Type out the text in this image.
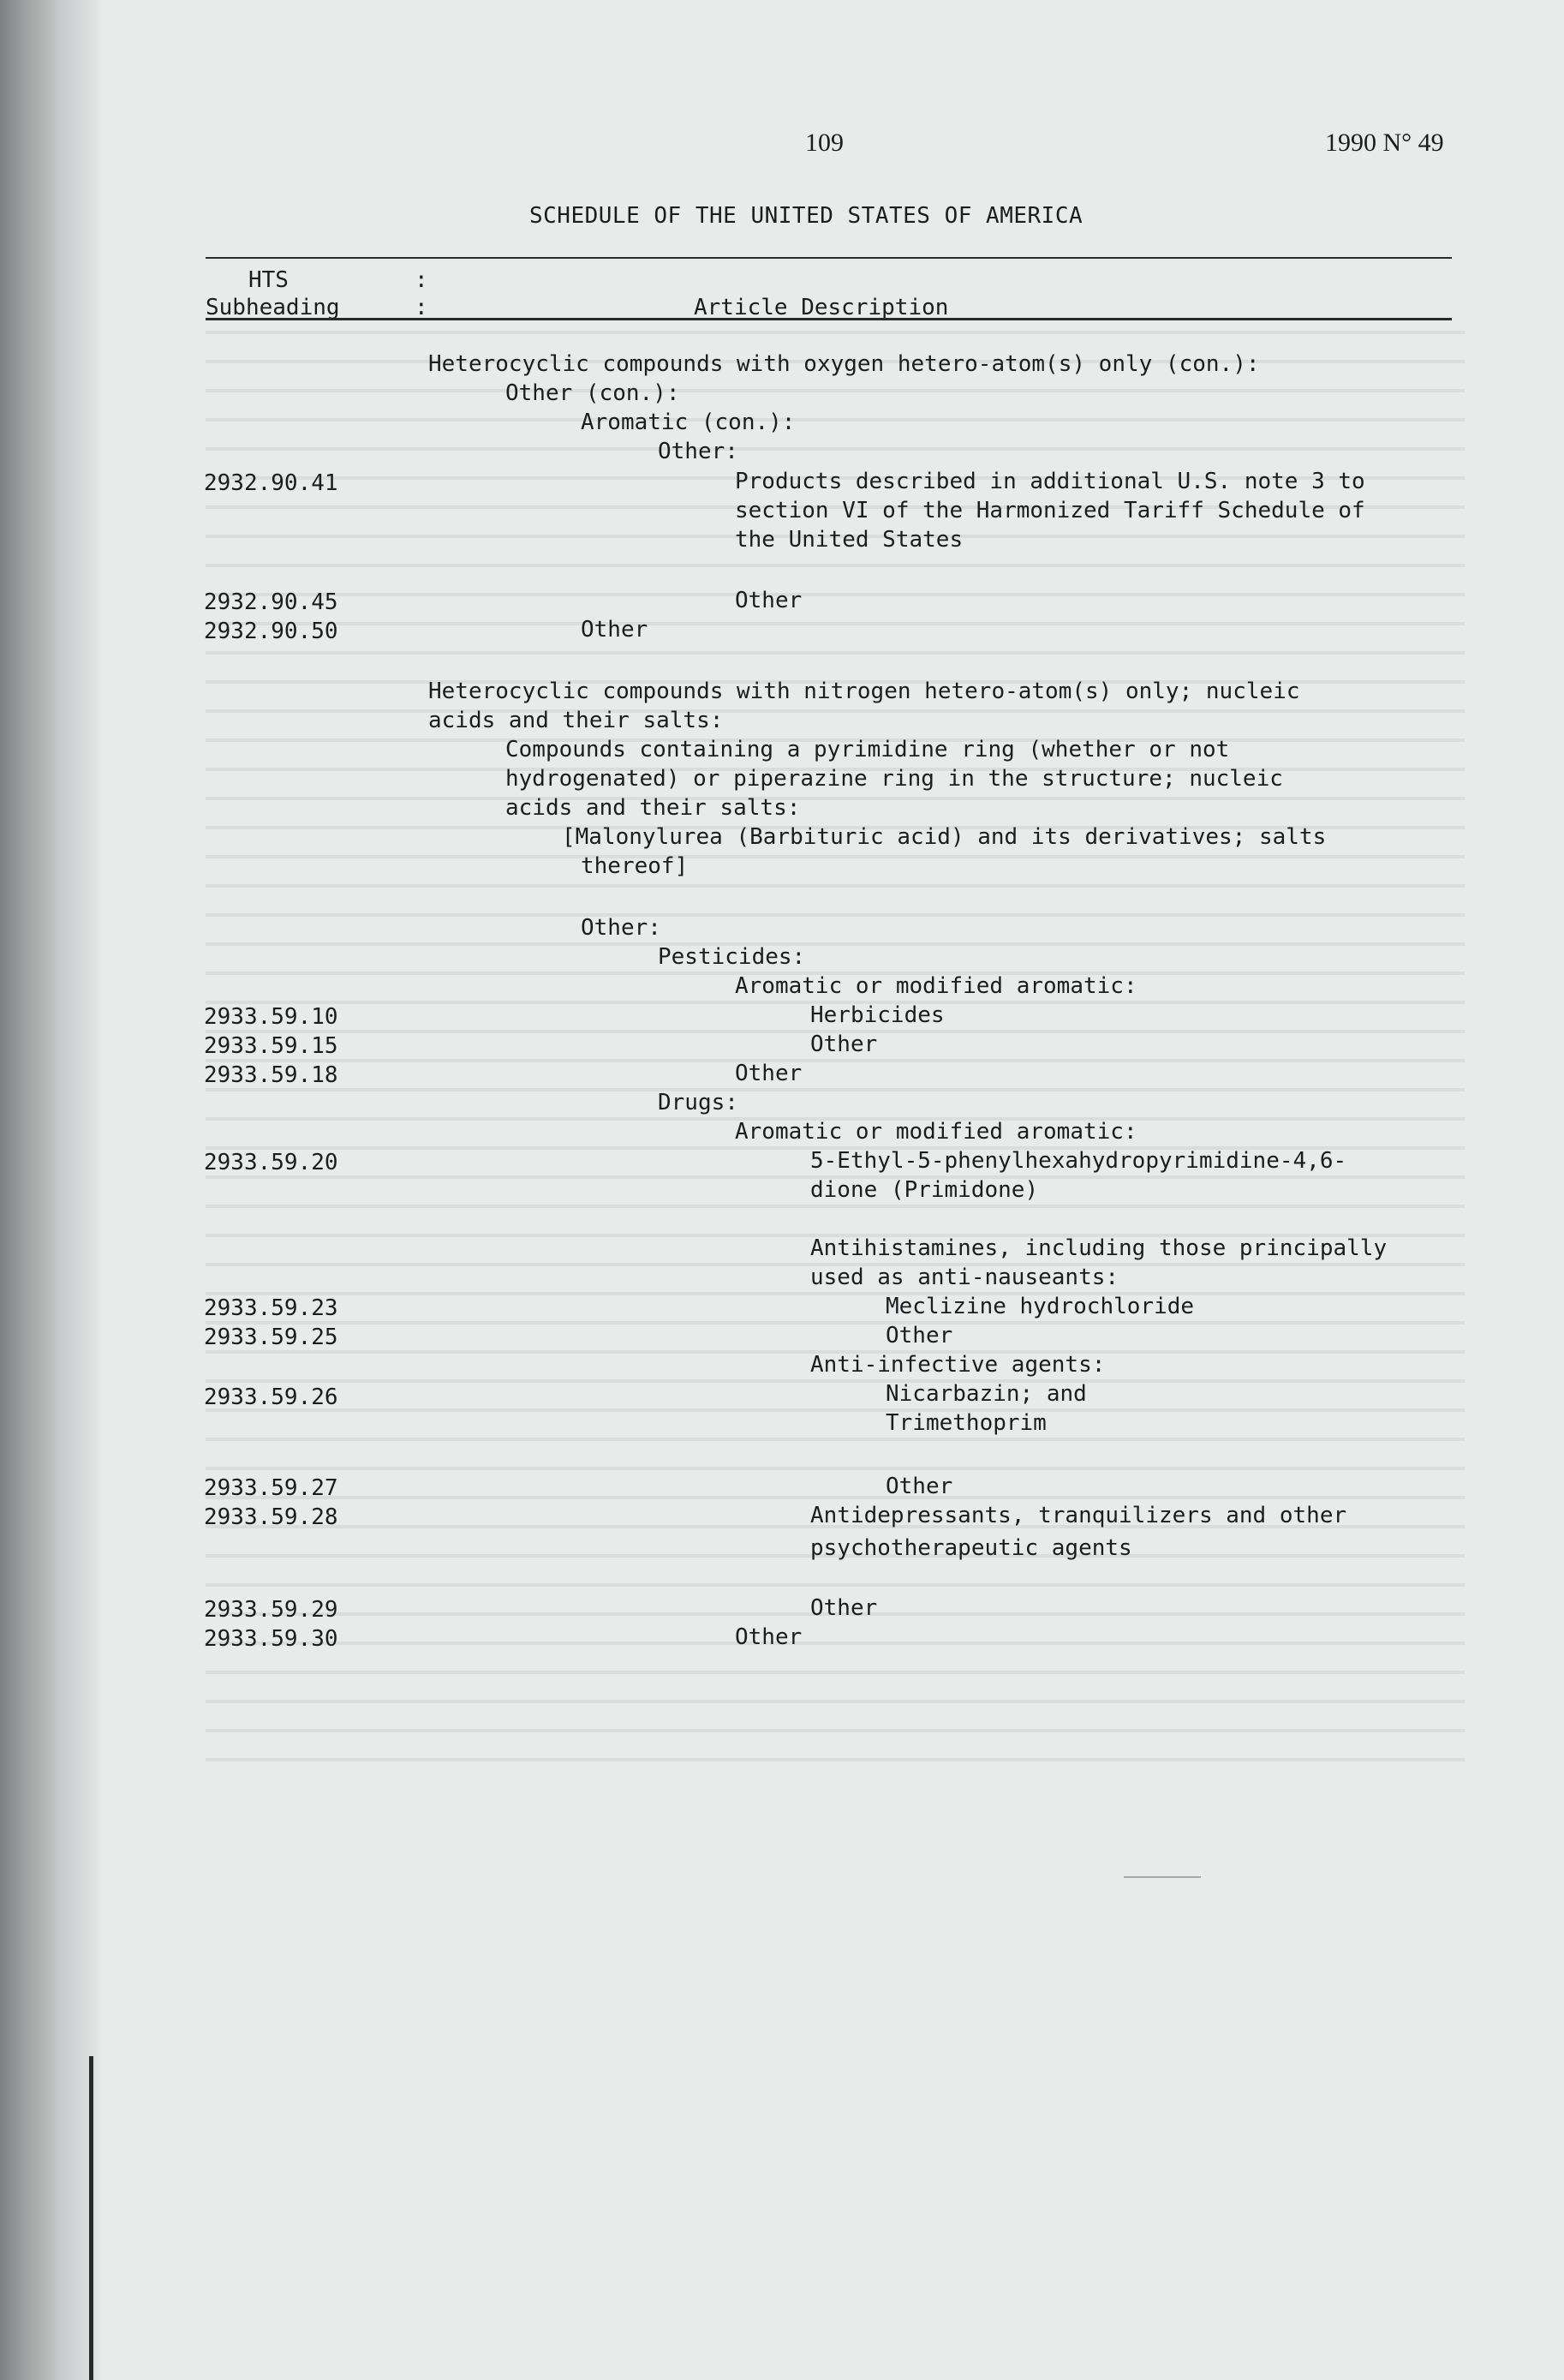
109	1990 N° 49
SCHEDULE OF THE UNITED STATES OF AMERICA
HTS
Subheading
:
:	Article Description
Heterocyclic compounds with oxygen hetero-atom(s) only (con.):
Other (con.):
Aromatic (con.):
Other:
2932.90.41	Products described in additional U.S. note 3 to
section VI of the Harmonized Tariff Schedule of
the United States
2932.90.45	Other
2932.90.50	Other
Heterocyclic compounds with nitrogen hetero-atom(s) only; nucleic
acids and their salts:
Compounds containing a pyrimidine ring (whether or not
hydrogenated) or piperazine ring in the structure; nucleic
acids and their salts:
[Malonylurea (Barbituric acid) and its derivatives; salts
thereof]
Other:
Pesticides:
Aromatic or modified aromatic:
2933.59.10	Herbicides
2933.59.15	Other
2933.59.18	Other
Drugs:
Aromatic or modified aromatic:
2933.59.20	5-Ethyl-5-phenylhexahydropyrimidine-4,6-
dione (Primidone)
Antihistamines, including those principally
used as anti-nauseants:
2933.59.23	Meclizine hydrochloride
2933.59.25	Other
Anti-infective agents:
2933.59.26	Nicarbazin; and
Trimethoprim
2933.59.27	Other
2933.59.28	Antidepressants, tranquilizers and other
psychotherapeutic agents
2933.59.29	Other
2933.59.30	Other
